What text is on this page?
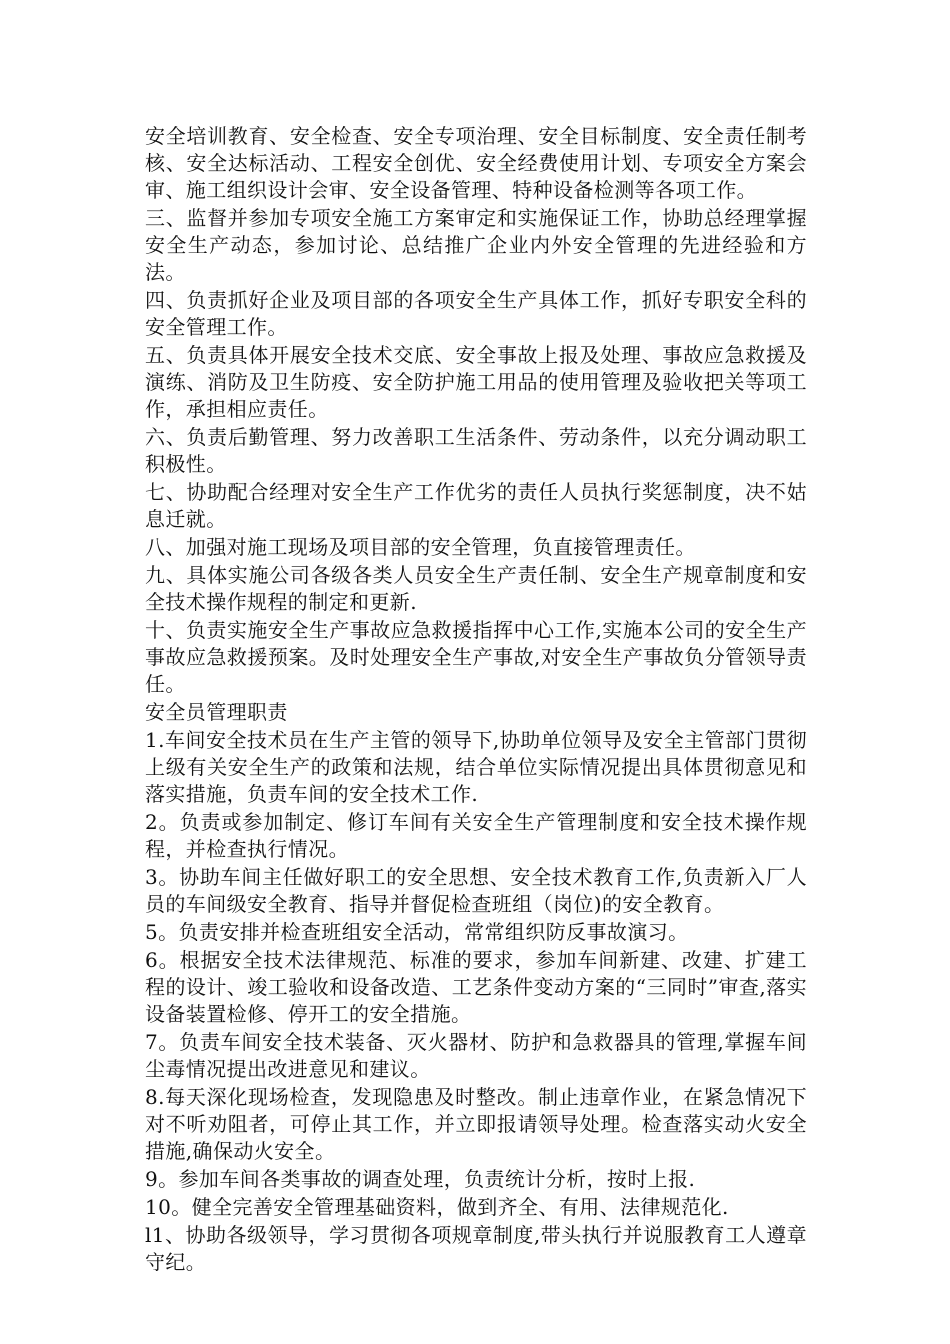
安全培训教育、安全检查、安全专项治理、安全目标制度、安全责任制考核、安全达标活动、工程安全创优、安全经费使用计划、专项安全方案会审、施工组织设计会审、安全设备管理、特种设备检测等各项工作。

三、监督并参加专项安全施工方案审定和实施保证工作，协助总经理掌握安全生产动态，参加讨论、总结推广企业内外安全管理的先进经验和方法。

四、负责抓好企业及项目部的各项安全生产具体工作，抓好专职安全科的安全管理工作。

五、负责具体开展安全技术交底、安全事故上报及处理、事故应急救援及演练、消防及卫生防疫、安全防护施工用品的使用管理及验收把关等项工作，承担相应责任。

六、负责后勤管理、努力改善职工生活条件、劳动条件，以充分调动职工积极性。

七、协助配合经理对安全生产工作优劣的责任人员执行奖惩制度，决不姑息迁就。

八、加强对施工现场及项目部的安全管理，负直接管理责任。

九、具体实施公司各级各类人员安全生产责任制、安全生产规章制度和安全技术操作规程的制定和更新.

十、负责实施安全生产事故应急救援指挥中心工作,实施本公司的安全生产事故应急救援预案。及时处理安全生产事故,对安全生产事故负分管领导责任。

安全员管理职责

1.车间安全技术员在生产主管的领导下,协助单位领导及安全主管部门贯彻上级有关安全生产的政策和法规，结合单位实际情况提出具体贯彻意见和落实措施，负责车间的安全技术工作.

2。负责或参加制定、修订车间有关安全生产管理制度和安全技术操作规程，并检查执行情况。

3。协助车间主任做好职工的安全思想、安全技术教育工作,负责新入厂人员的车间级安全教育、指导并督促检查班组（岗位)的安全教育。

5。负责安排并检查班组安全活动，常常组织防反事故演习。

6。根据安全技术法律规范、标准的要求，参加车间新建、改建、扩建工程的设计、竣工验收和设备改造、工艺条件变动方案的“三同时”审查,落实设备装置检修、停开工的安全措施。

7。负责车间安全技术装备、灭火器材、防护和急救器具的管理,掌握车间尘毒情况提出改进意见和建议。

8.每天深化现场检查，发现隐患及时整改。制止违章作业，在紧急情况下对不听劝阻者，可停止其工作，并立即报请领导处理。检查落实动火安全措施,确保动火安全。

9。参加车间各类事故的调查处理，负责统计分析，按时上报.

10。健全完善安全管理基础资料，做到齐全、有用、法律规范化.

l1、协助各级领导，学习贯彻各项规章制度,带头执行并说服教育工人遵章守纪。
